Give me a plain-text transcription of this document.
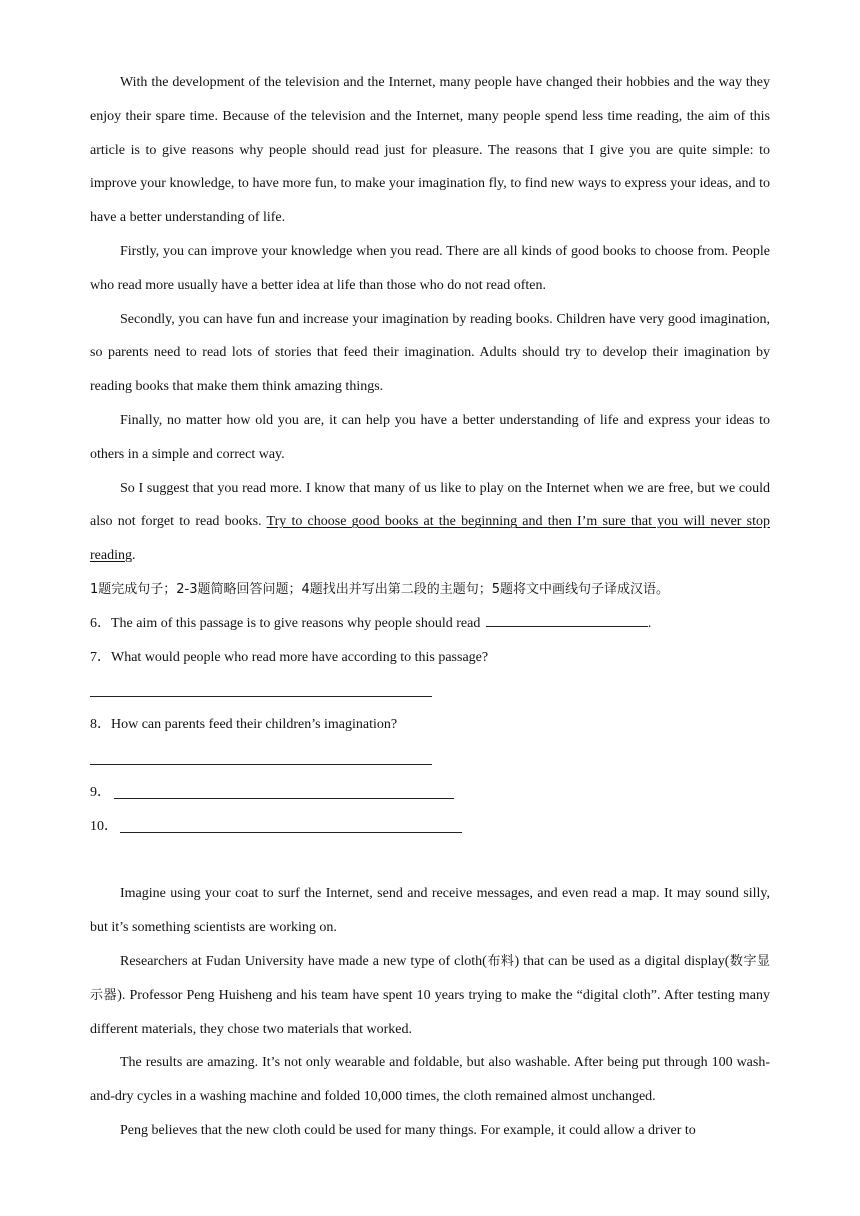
With the development of the television and the Internet, many people have changed their hobbies and the way they enjoy their spare time. Because of the television and the Internet, many people spend less time reading, the aim of this article is to give reasons why people should read just for pleasure. The reasons that I give you are quite simple: to improve your knowledge, to have more fun, to make your imagination fly, to find new ways to express your ideas, and to have a better understanding of life.

Firstly, you can improve your knowledge when you read. There are all kinds of good books to choose from. People who read more usually have a better idea at life than those who do not read often.

Secondly, you can have fun and increase your imagination by reading books. Children have very good imagination, so parents need to read lots of stories that feed their imagination. Adults should try to develop their imagination by reading books that make them think amazing things.

Finally, no matter how old you are, it can help you have a better understanding of life and express your ideas to others in a simple and correct way.

So I suggest that you read more. I know that many of us like to play on the Internet when we are free, but we could also not forget to read books. Try to choose good books at the beginning and then I’m sure that you will never stop reading.

1题完成句子；2-3题简略回答问题；4题找出并写出第二段的主题句；5题将文中画线句子译成汉语。

6．The aim of this passage is to give reasons why people should read	.

7．What would people who read more have according to this passage?

8．How can parents feed their children’s imagination?

9．
10．

Imagine using your coat to surf the Internet, send and receive messages, and even read a map. It may sound silly, but it’s something scientists are working on.

Researchers at Fudan University have made a new type of cloth(布料) that can be used as a digital display(数字显示器). Professor Peng Huisheng and his team have spent 10 years trying to make the “digital cloth”. After testing many different materials, they chose two materials that worked.

The results are amazing. It’s not only wearable and foldable, but also washable. After being put through 100 wash-and-dry cycles in a washing machine and folded 10,000 times, the cloth remained almost unchanged.

Peng believes that the new cloth could be used for many things. For example, it could allow a driver to
